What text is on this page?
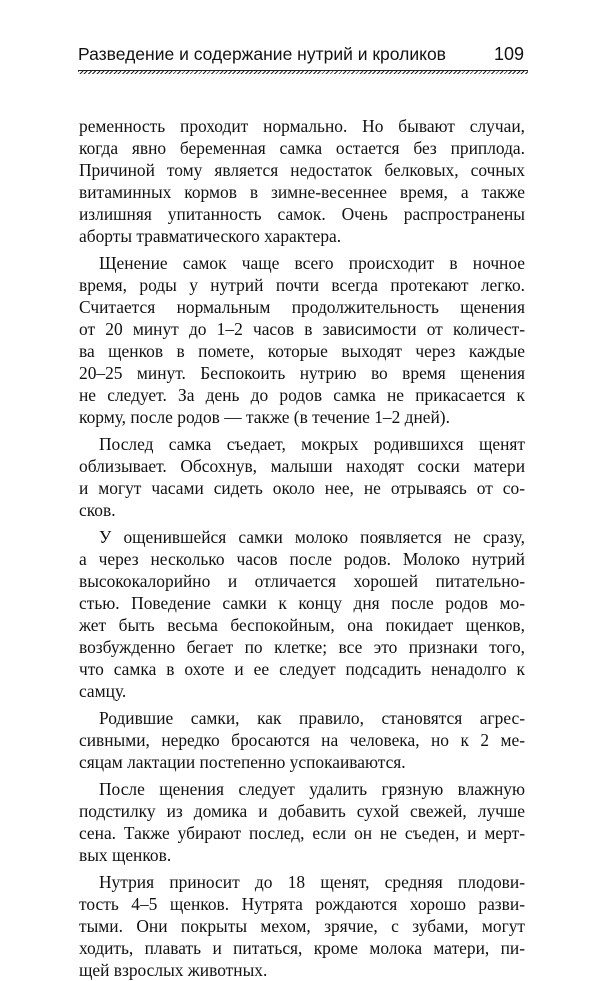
Разведение и содержание нутрий и кроликов	109
ременность проходит нормально. Но бывают случаи,
когда явно беременная самка остается без приплода.
Причиной тому является недостаток белковых, сочных
витаминных кормов в зимне-весеннее время, а также
излишняя упитанность самок. Очень распространены
аборты травматического характера.
Щенение самок чаще всего происходит в ночное
время, роды у нутрий почти всегда протекают легко.
Считается нормальным продолжительность щенения
от 20 минут до 1–2 часов в зависимости от количест-
ва щенков в помете, которые выходят через каждые
20–25 минут. Беспокоить нутрию во время щенения
не следует. За день до родов самка не прикасается к
корму, после родов — также (в течение 1–2 дней).
Послед самка съедает, мокрых родившихся щенят
облизывает. Обсохнув, малыши находят соски матери
и могут часами сидеть около нее, не отрываясь от со-
сков.
У ощенившейся самки молоко появляется не сразу,
а через несколько часов после родов. Молоко нутрий
высококалорийно и отличается хорошей питательно-
стью. Поведение самки к концу дня после родов мо-
жет быть весьма беспокойным, она покидает щенков,
возбужденно бегает по клетке; все это признаки того,
что самка в охоте и ее следует подсадить ненадолго к
самцу.
Родившие самки, как правило, становятся агрес-
сивными, нередко бросаются на человека, но к 2 ме-
сяцам лактации постепенно успокаиваются.
После щенения следует удалить грязную влажную
подстилку из домика и добавить сухой свежей, лучше
сена. Также убирают послед, если он не съеден, и мерт-
вых щенков.
Нутрия приносит до 18 щенят, средняя плодови-
тость 4–5 щенков. Нутрята рождаются хорошо разви-
тыми. Они покрыты мехом, зрячие, с зубами, могут
ходить, плавать и питаться, кроме молока матери, пи-
щей взрослых животных.
